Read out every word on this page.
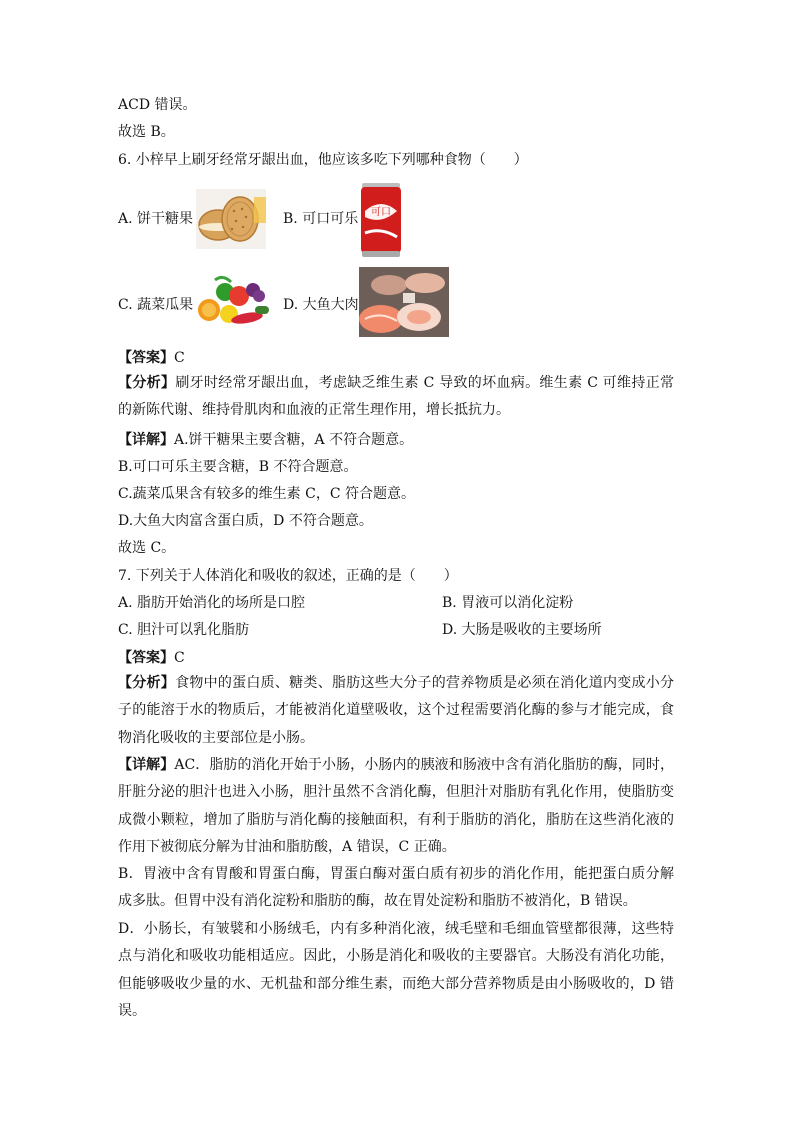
ACD 错误。
故选 B。
6. 小梓早上刷牙经常牙龈出血，他应该多吃下列哪种食物（　　）
A. 饼干糖果	B. 可口可乐 可口
C. 蔬菜瓜果	D. 大鱼大肉
【答案】C
【分析】刷牙时经常牙龈出血，考虑缺乏维生素 C 导致的坏血病。维生素 C 可维持正常的新陈代谢、维持骨肌肉和血液的正常生理作用，增长抵抗力。
【详解】A.饼干糖果主要含糖，A 不符合题意。
B.可口可乐主要含糖，B 不符合题意。
C.蔬菜瓜果含有较多的维生素 C，C 符合题意。
D.大鱼大肉富含蛋白质，D 不符合题意。
故选 C。
7. 下列关于人体消化和吸收的叙述，正确的是（　　）
A. 脂肪开始消化的场所是口腔	B. 胃液可以消化淀粉
C. 胆汁可以乳化脂肪	D. 大肠是吸收的主要场所
【答案】C
【分析】食物中的蛋白质、糖类、脂肪这些大分子的营养物质是必须在消化道内变成小分子的能溶于水的物质后，才能被消化道壁吸收，这个过程需要消化酶的参与才能完成，食物消化吸收的主要部位是小肠。
【详解】AC．脂肪的消化开始于小肠，小肠内的胰液和肠液中含有消化脂肪的酶，同时，肝脏分泌的胆汁也进入小肠，胆汁虽然不含消化酶，但胆汁对脂肪有乳化作用，使脂肪变成微小颗粒，增加了脂肪与消化酶的接触面积，有利于脂肪的消化，脂肪在这些消化液的作用下被彻底分解为甘油和脂肪酸，A 错误，C 正确。
B．胃液中含有胃酸和胃蛋白酶，胃蛋白酶对蛋白质有初步的消化作用，能把蛋白质分解成多肽。但胃中没有消化淀粉和脂肪的酶，故在胃处淀粉和脂肪不被消化，B 错误。
D．小肠长，有皱襞和小肠绒毛，内有多种消化液，绒毛壁和毛细血管壁都很薄，这些特点与消化和吸收功能相适应。因此，小肠是消化和吸收的主要器官。大肠没有消化功能，但能够吸收少量的水、无机盐和部分维生素，而绝大部分营养物质是由小肠吸收的，D 错误。
